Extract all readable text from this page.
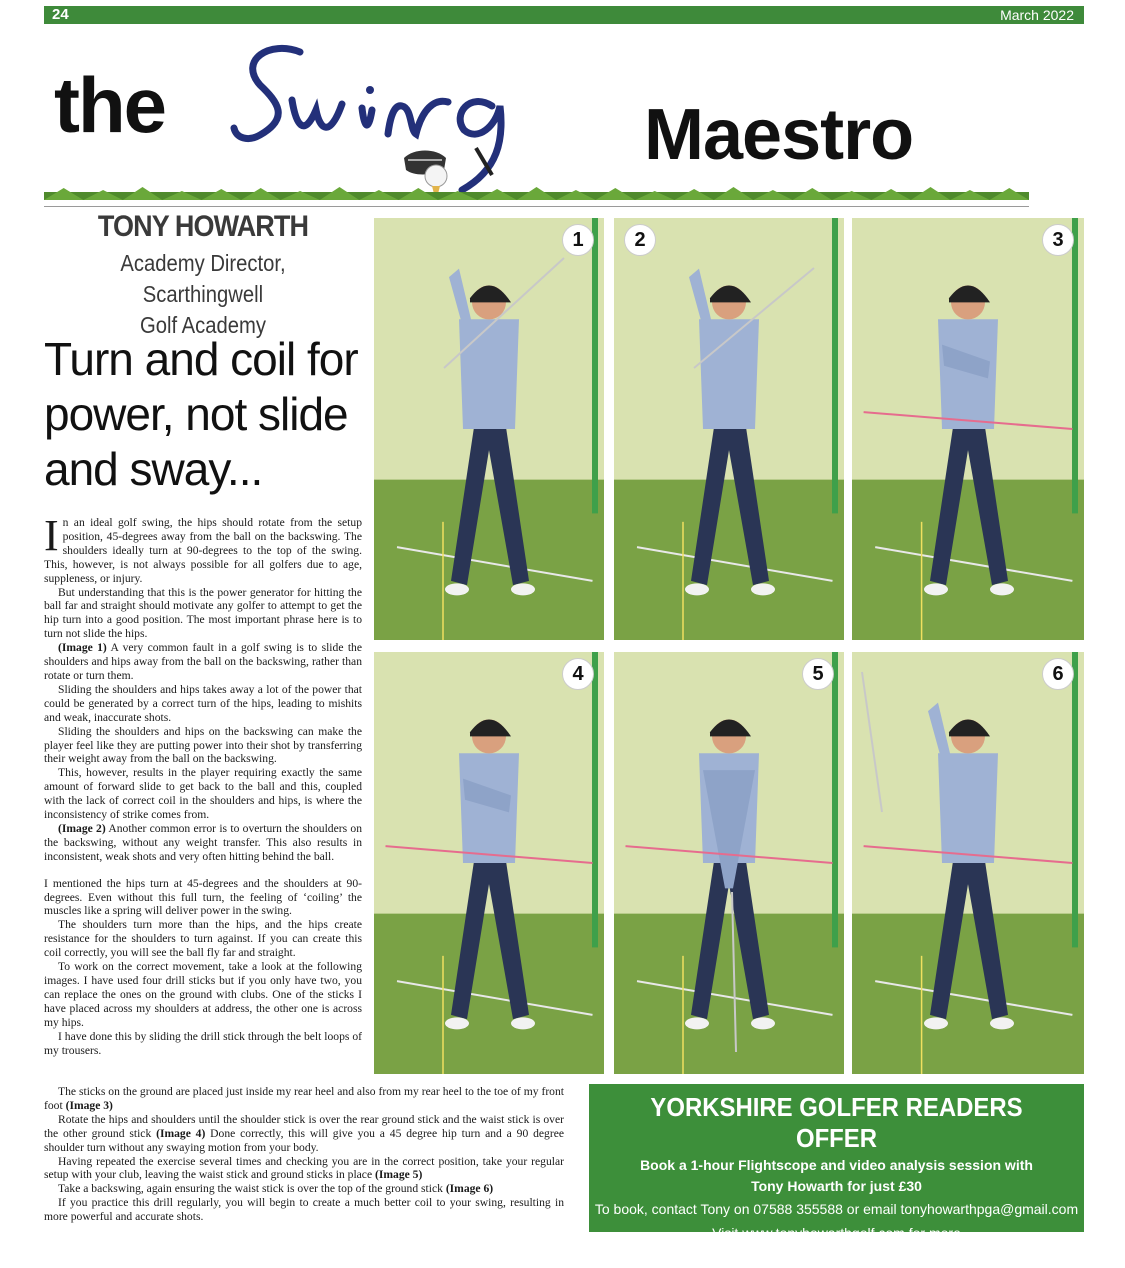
24	March 2022
the	Maestro
TONY HOWARTH
Academy Director, Scarthingwell
Golf Academy
Turn and coil for
power, not slide
and sway...

In an ideal golf swing, the hips should rotate from the setup position, 45-degrees away from the ball on the backswing. The shoulders ideally turn at 90-degrees to the top of the swing. This, however, is not always possible for all golfers due to age, suppleness, or injury.

But understanding that this is the power generator for hitting the ball far and straight should motivate any golfer to attempt to get the hip turn into a good position. The most important phrase here is to turn not slide the hips.

(Image 1) A very common fault in a golf swing is to slide the shoulders and hips away from the ball on the backswing, rather than rotate or turn them.

Sliding the shoulders and hips takes away a lot of the power that could be generated by a correct turn of the hips, leading to mishits and weak, inaccurate shots.

Sliding the shoulders and hips on the backswing can make the player feel like they are putting power into their shot by transferring their weight away from the ball on the backswing.

This, however, results in the player requiring exactly the same amount of forward slide to get back to the ball and this, coupled with the lack of correct coil in the shoulders and hips, is where the inconsistency of strike comes from.

(Image 2) Another common error is to overturn the shoulders on the backswing, without any weight transfer. This also results in inconsistent, weak shots and very often hitting behind the ball.

I mentioned the hips turn at 45-degrees and the shoulders at 90-degrees. Even without this full turn, the feeling of ‘coiling’ the muscles like a spring will deliver power in the swing.

The shoulders turn more than the hips, and the hips create resistance for the shoulders to turn against. If you can create this coil correctly, you will see the ball fly far and straight.

To work on the correct movement, take a look at the following images. I have used four drill sticks but if you only have two, you can replace the ones on the ground with clubs. One of the sticks I have placed across my shoulders at address, the other one is across my hips.

I have done this by sliding the drill stick through the belt loops of my trousers.

The sticks on the ground are placed just inside my rear heel and also from my rear heel to the toe of my front foot (Image 3)

Rotate the hips and shoulders until the shoulder stick is over the rear ground stick and the waist stick is over the other ground stick (Image 4) Done correctly, this will give you a 45 degree hip turn and a 90 degree shoulder turn without any swaying motion from your body.

Having repeated the exercise several times and checking you are in the correct position, take your regular setup with your club, leaving the waist stick and ground sticks in place (Image 5)

Take a backswing, again ensuring the waist stick is over the top of the ground stick (Image 6)

If you practice this drill regularly, you will begin to create a much better coil to your swing, resulting in more powerful and accurate shots.

1	2	3
4	5	6
YORKSHIRE GOLFER READERS OFFER
Book a 1-hour Flightscope and video analysis session with
Tony Howarth for just £30
To book, contact Tony on 07588 355588 or email tonyhowarthpga@gmail.com
Visit www.tonyhowarthgolf.com for more
information on the sessions offered
